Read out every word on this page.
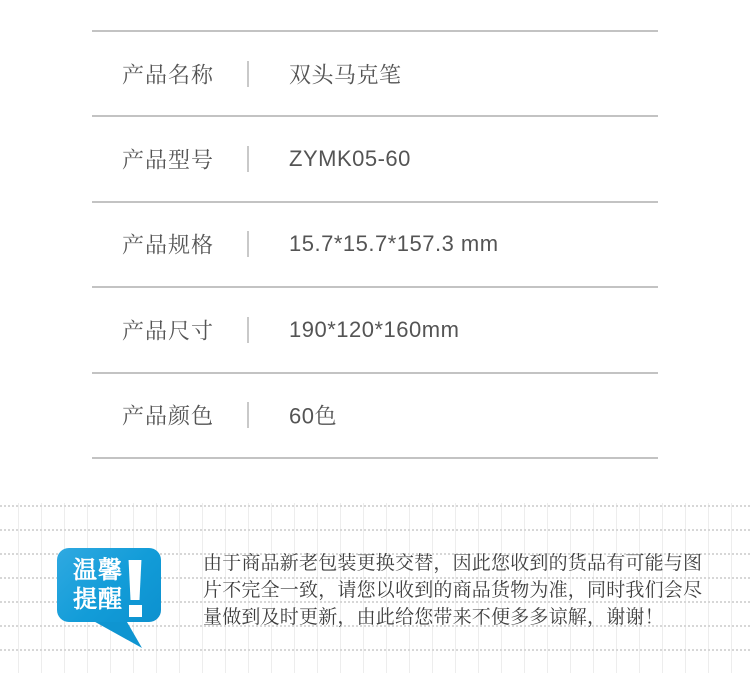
产品名称	双头马克笔
产品型号	ZYMK05-60
产品规格	15.7*15.7*157.3 mm
产品尺寸	190*120*160mm
产品颜色	60色
温馨
提醒
由于商品新老包装更换交替，因此您收到的货品有可能与图
片不完全一致，请您以收到的商品货物为准，同时我们会尽
量做到及时更新，由此给您带来不便多多谅解，谢谢！
